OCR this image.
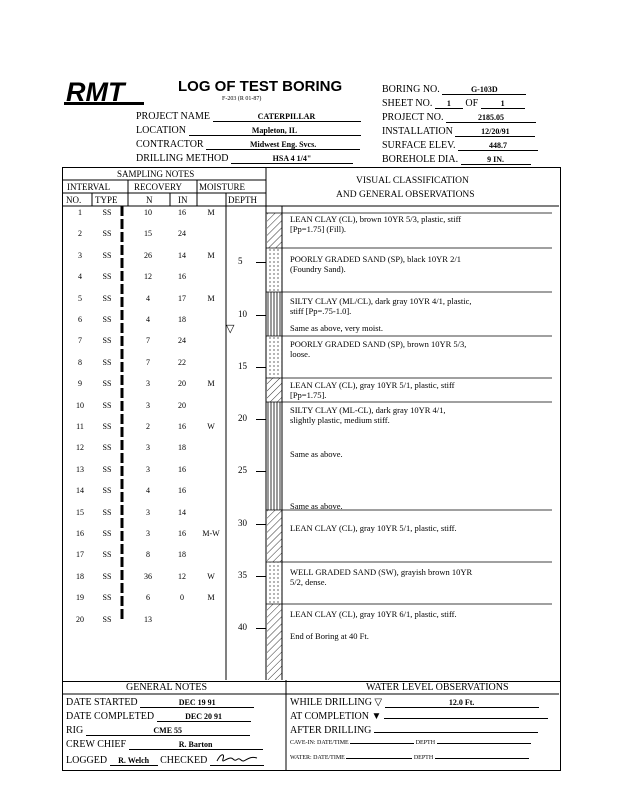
RMT	LOG OF TEST BORING
F-203 (R 01-87)
PROJECT NAME	CATERPILLAR
LOCATION	Mapleton, IL
CONTRACTOR	Midwest Eng. Svcs.
DRILLING METHOD	HSA 4 1/4"
BORING NO.	G-103D
SHEET NO. 1 OF	1
PROJECT NO.	2185.05
INSTALLATION	12/20/91
SURFACE ELEV.	448.7
BOREHOLE DIA.	9 IN.
SAMPLING NOTES
INTERVAL	RECOVERY MOISTURE
NO. TYPE	N	IN	DEPTH
VISUAL CLASSIFICATION
AND GENERAL OBSERVATIONS
1	SS	10	16	M
2	SS	15	24
3	SS	26	14	M
4	SS	12	16
5	SS	4	17	M
6	SS	4	18
7	SS	7	24
8	SS	7	22
9	SS	3	20	M
10	SS	3	20
11	SS	2	16	W
12	SS	3	18
13	SS	3	16
14	SS	4	16
15	SS	3	14
16	SS	3	16	M-W
17	SS	8	18
18	SS	36	12	W
19	SS	6	0	M
20	SS	13
5
10
15
20
25
30
35
40
LEAN CLAY (CL), brown 10YR 5/3, plastic, stiff
[Pp=1.75] (Fill).
POORLY GRADED SAND (SP), black 10YR 2/1
(Foundry Sand).
SILTY CLAY (ML/CL), dark gray 10YR 4/1, plastic,
stiff [Pp=.75-1.0].
Same as above, very moist.
POORLY GRADED SAND (SP), brown 10YR 5/3,
loose.
LEAN CLAY (CL), gray 10YR 5/1, plastic, stiff
[Pp=1.75].
SILTY CLAY (ML-CL), dark gray 10YR 4/1,
slightly plastic, medium stiff.
Same as above.
Same as above.
LEAN CLAY (CL), gray 10YR 5/1, plastic, stiff.
WELL GRADED SAND (SW), grayish brown 10YR
5/2, dense.
LEAN CLAY (CL), gray 10YR 6/1, plastic, stiff.
End of Boring at 40 Ft.
▽
GENERAL NOTES	WATER LEVEL OBSERVATIONS
DATE STARTED	DEC 19 91
DATE COMPLETED	DEC 20 91
RIG	CME 55
CREW CHIEF	R. Barton
LOGGED R. Welch CHECKED
WHILE DRILLING ▽	12.0 Ft.
AT COMPLETION ▼
AFTER DRILLING
CAVE-IN: DATE/TIME	DEPTH
WATER: DATE/TIME	DEPTH
